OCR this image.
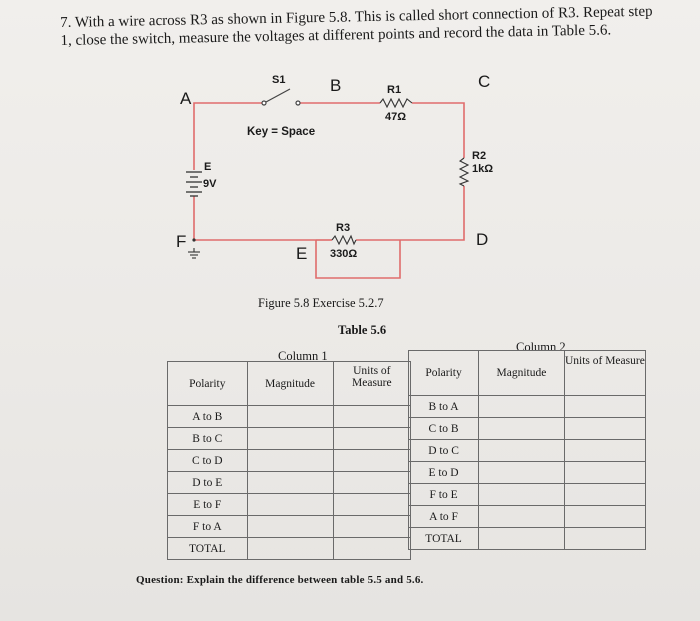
7. With a wire across R3 as shown in Figure 5.8. This is called short connection of R3. Repeat step 1, close the switch, measure the voltages at different points and record the data in Table 5.6.
A
B	C
D
E
F
E
S1
Key = Space
R1
47Ω
R2
1kΩ
R3
330Ω
9V
Figure 5.8 Exercise 5.2.7
Table 5.6
Column 1
Column 2
Polarity	Magnitude	Units of Measure
A to B		
B to C		
C to D		
D to E		
E to F		
F to A		
TOTAL		
Polarity	Magnitude	Units of Measure
B to A		
C to B		
D to C		
E to D		
F to E		
A to F		
TOTAL		
Question: Explain the difference between table 5.5 and 5.6.
